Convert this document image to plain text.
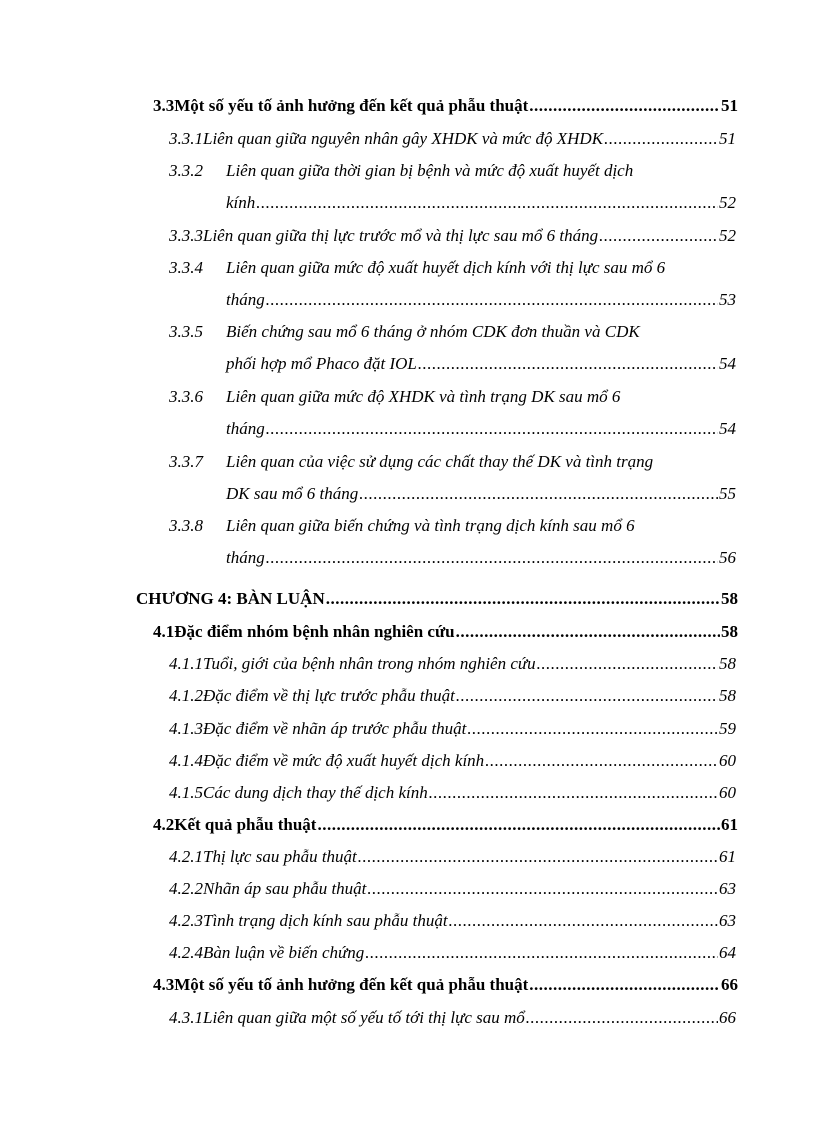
3.3 Một số yếu tố ảnh hưởng đến kết quả phẫu thuật .....	51
3.3.1 Liên quan giữa nguyên nhân gây XHDK và mức độ XHDK .....	51
3.3.2	Liên quan giữa thời gian bị bệnh và mức độ xuất huyết dịch
kính .....	52
3.3.3 Liên quan giữa thị lực trước mổ và thị lực sau mổ 6 tháng .....	52
3.3.4	Liên quan giữa mức độ xuất huyết dịch kính với thị lực sau mổ 6
tháng .....	53
3.3.5	Biến chứng sau mổ 6 tháng ở nhóm CDK đơn thuần và CDK
phối hợp mổ Phaco đặt IOL .....	54
3.3.6	Liên quan giữa mức độ XHDK và tình trạng DK sau mổ 6
tháng .....	54
3.3.7	Liên quan của việc sử dụng các chất thay thế DK và tình trạng
DK sau mổ 6 tháng .....	55
3.3.8	Liên quan giữa biến chứng và tình trạng dịch kính sau mổ 6
tháng .....	56
CHƯƠNG 4: BÀN LUẬN .....	58
4.1 Đặc điểm nhóm bệnh nhân nghiên cứu .....	58
4.1.1 Tuổi, giới của bệnh nhân trong nhóm nghiên cứu .....	58
4.1.2 Đặc điểm về thị lực trước phẫu thuật .....	58
4.1.3 Đặc điểm về nhãn áp trước phẫu thuật .....	59
4.1.4 Đặc điểm về mức độ xuất huyết dịch kính .....	60
4.1.5 Các dung dịch thay thế dịch kính .....	60
4.2 Kết quả phẫu thuật .....	61
4.2.1 Thị lực sau phẫu thuật .....	61
4.2.2 Nhãn áp sau phẫu thuật .....	63
4.2.3 Tình trạng dịch kính sau phẫu thuật .....	63
4.2.4 Bàn luận về biến chứng .....	64
4.3 Một số yếu tố ảnh hưởng đến kết quả phẫu thuật .....	66
4.3.1 Liên quan giữa một số yếu tố tới thị lực sau mổ .....	66
